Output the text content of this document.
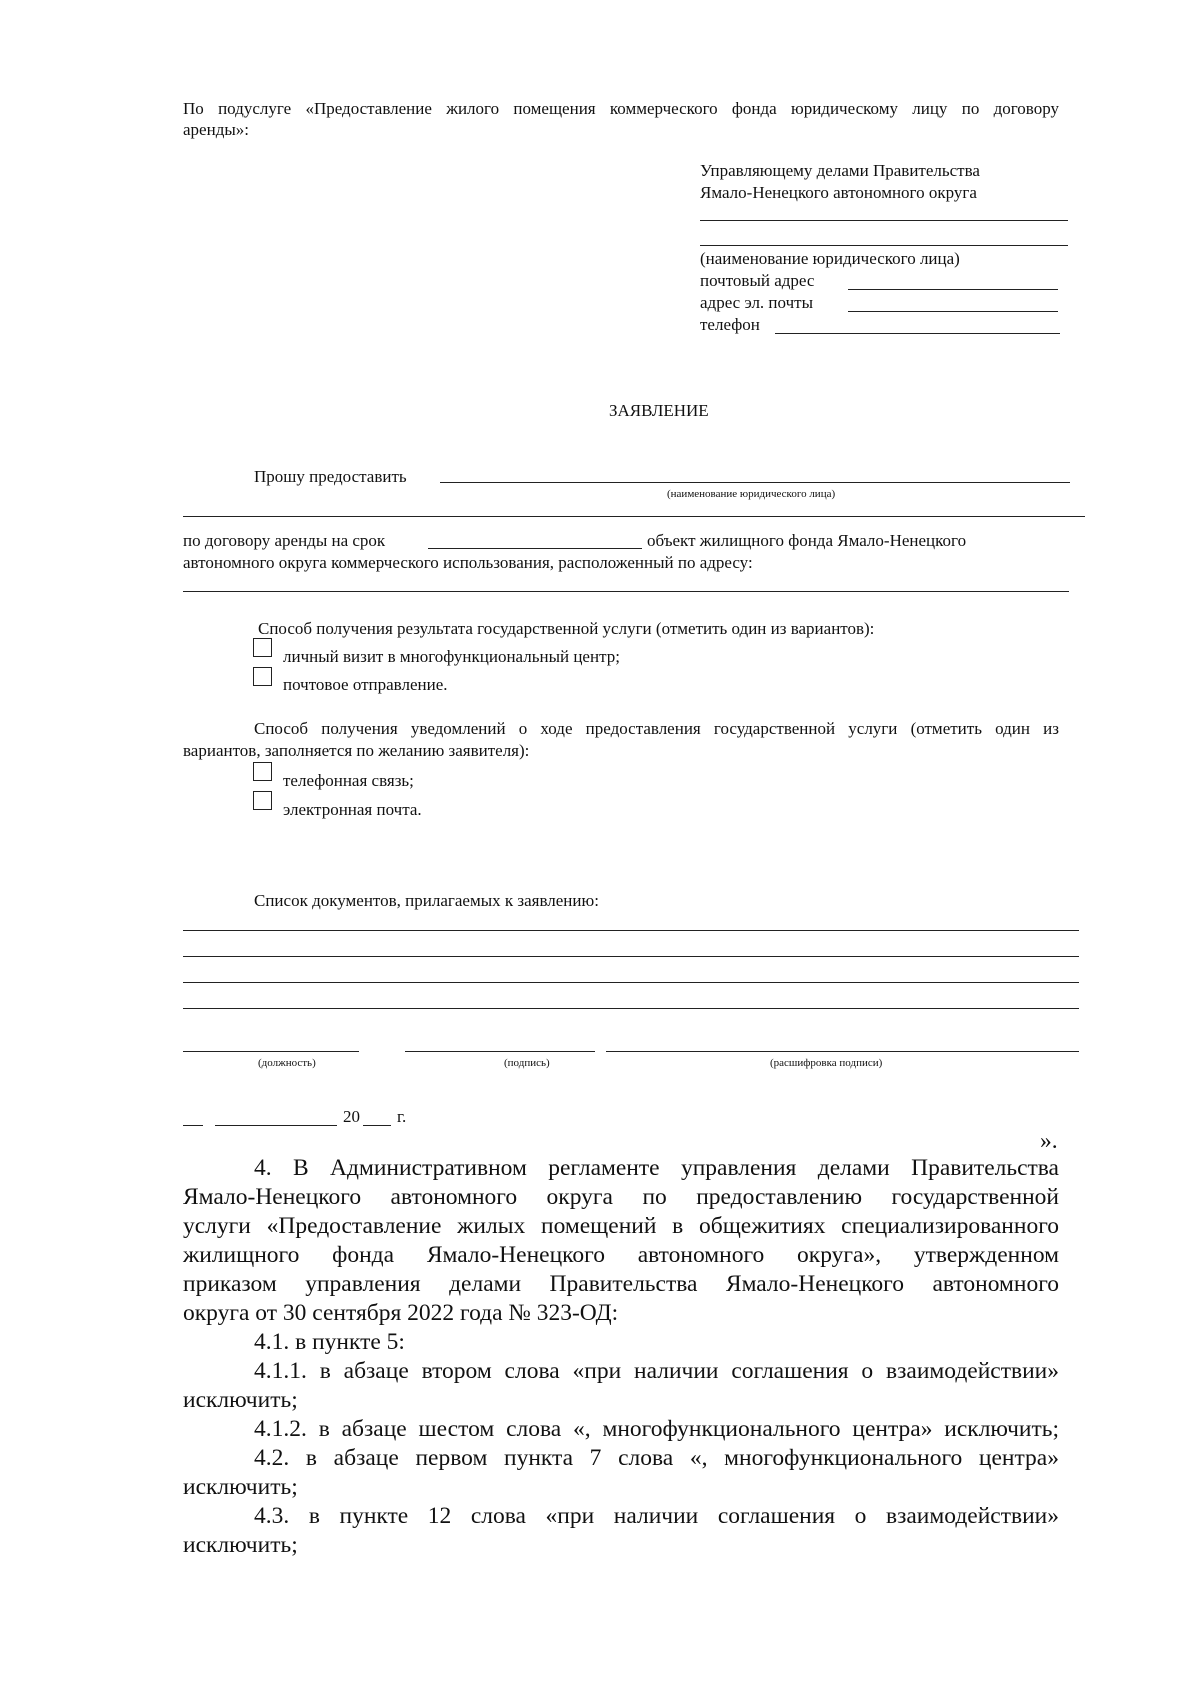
По подуслуге «Предоставление жилого помещения коммерческого фонда юридическому лицу по договору
аренды»:
Управляющему делами Правительства
Ямало-Ненецкого автономного округа
(наименование юридического лица)
почтовый адрес
адрес эл. почты
телефон
ЗАЯВЛЕНИЕ
Прошу предоставить
(наименование юридического лица)
по договору аренды на срок	объект жилищного фонда Ямало-Ненецкого
автономного округа коммерческого использования, расположенный по адресу:
Способ получения результата государственной услуги (отметить один из вариантов):
личный визит в многофункциональный центр;
почтовое отправление.
Способ получения уведомлений о ходе предоставления государственной услуги (отметить один из
вариантов, заполняется по желанию заявителя):
телефонная связь;
электронная почта.
Список документов, прилагаемых к заявлению:
(должность)	(подпись)	(расшифровка подписи)
20 г.
».
4. В Административном регламенте управления делами Правительства
Ямало-Ненецкого автономного округа по предоставлению государственной
услуги «Предоставление жилых помещений в общежитиях специализированного
жилищного фонда Ямало-Ненецкого автономного округа», утвержденном
приказом управления делами Правительства Ямало-Ненецкого автономного
округа от 30 сентября 2022 года № 323-ОД:
4.1. в пункте 5:
4.1.1. в абзаце втором слова «при наличии соглашения о взаимодействии»
исключить;
4.1.2. в абзаце шестом слова «, многофункционального центра» исключить;
4.2. в абзаце первом пункта 7 слова «, многофункционального центра»
исключить;
4.3. в пункте 12 слова «при наличии соглашения о взаимодействии»
исключить;
